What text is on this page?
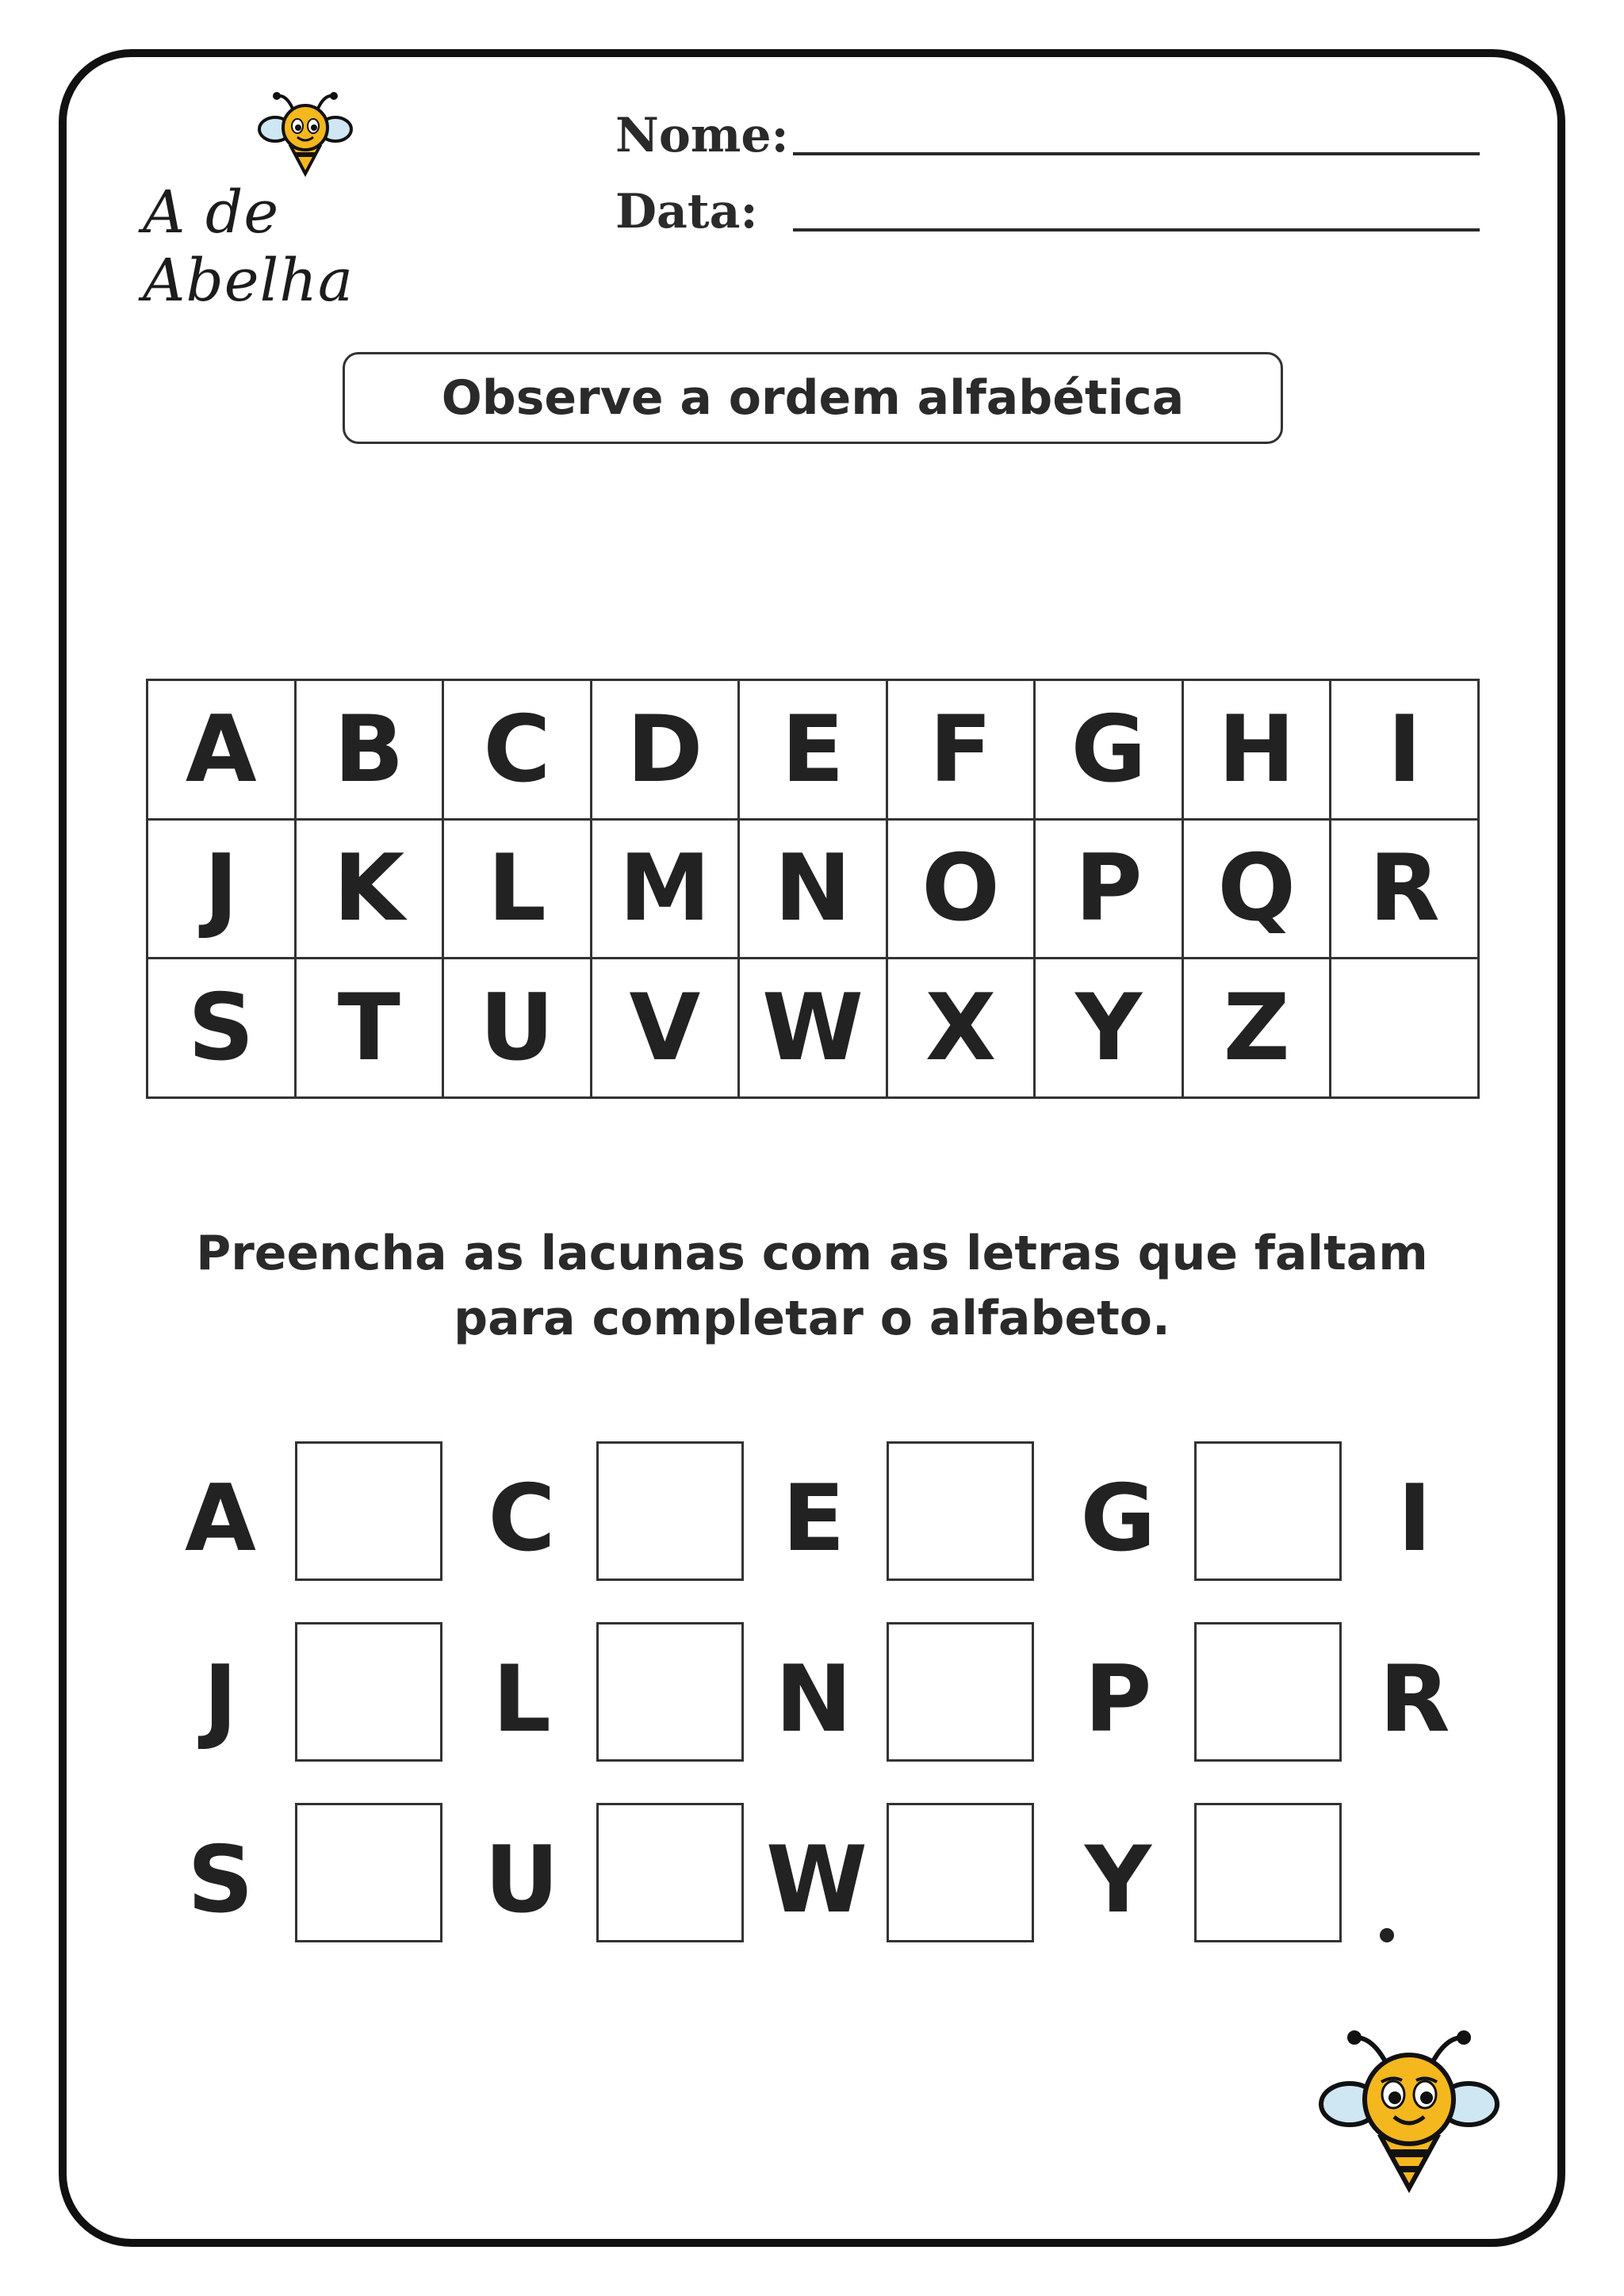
A de Abelha
Nome:
Data:
Observe a ordem alfabética
A B C D E F G H	I
J	K L M N O P Q R
S T U V W X Y Z
Preencha as lacunas com as letras que faltam
para completar o alfabeto.
A	C E	G	I
J	L N	P R
S	U W Y
